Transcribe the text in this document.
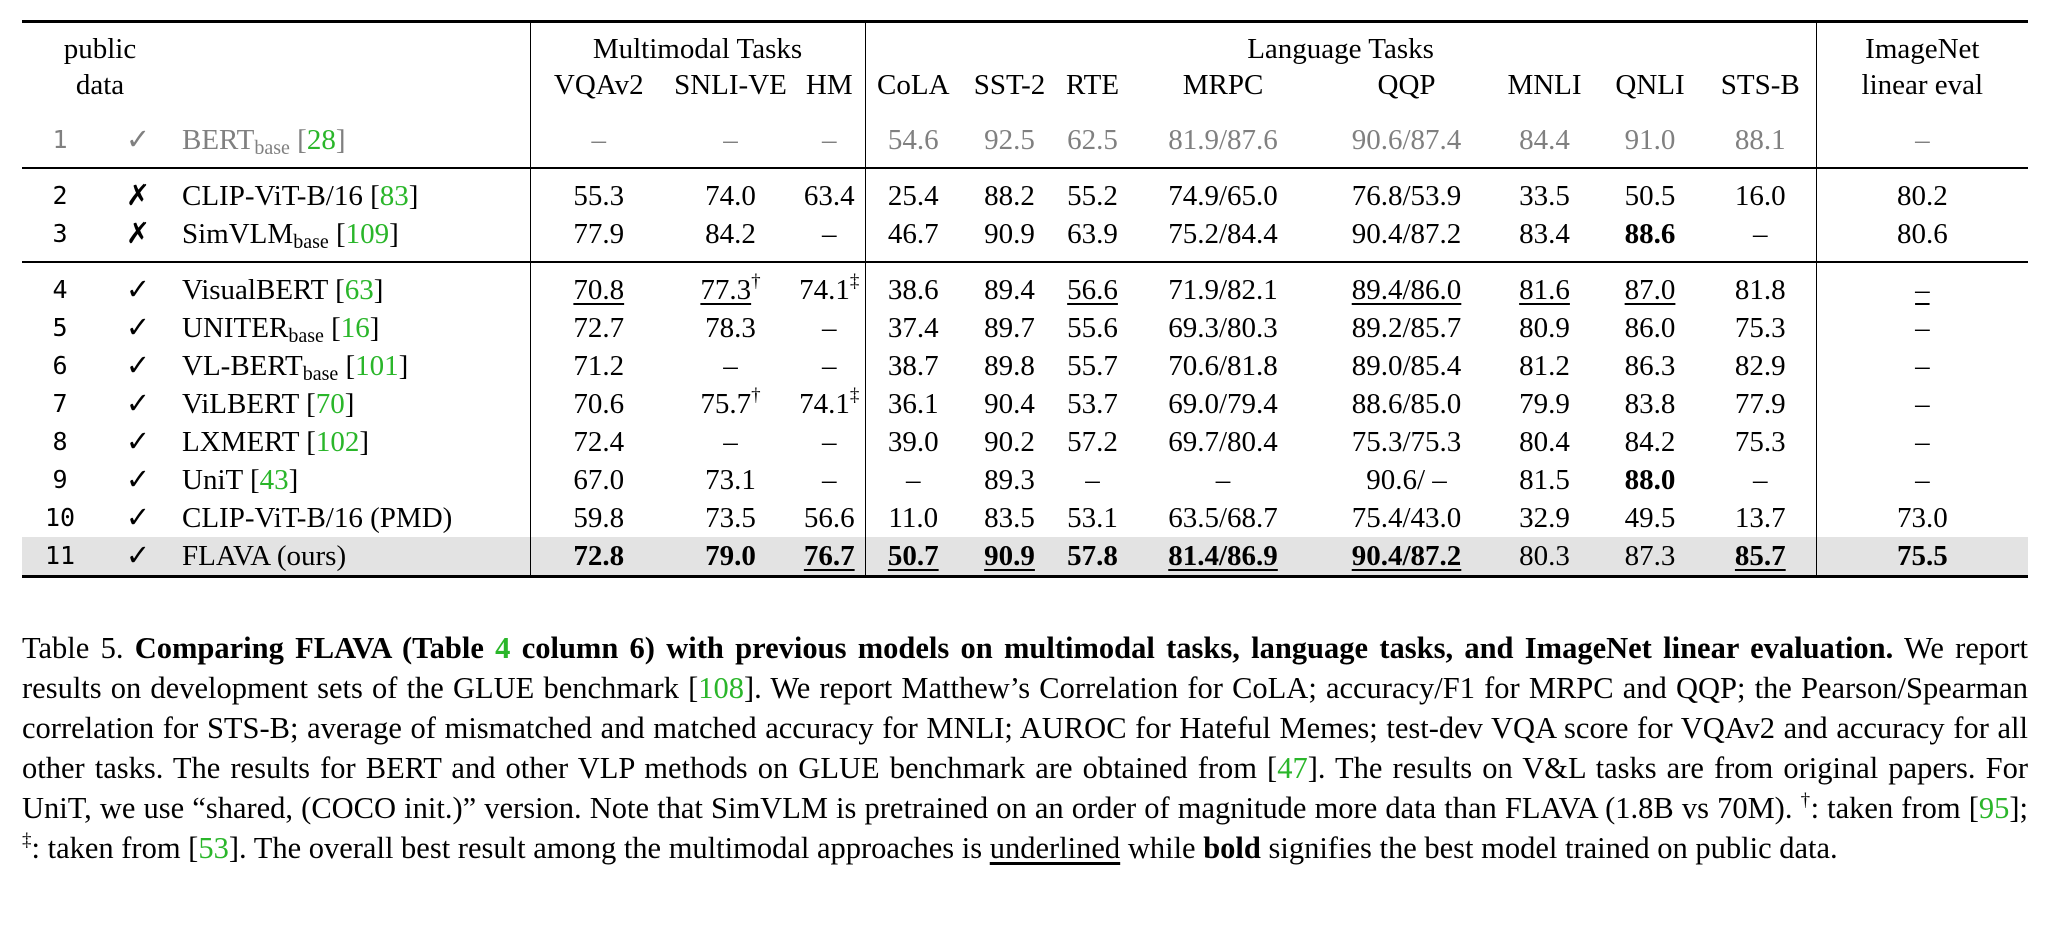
public			Multimodal Tasks			Language Tasks								ImageNet
data			VQAv2	SNLI-VE	HM	CoLA	SST-2	RTE	MRPC	QQP	MNLI	QNLI	STS-B	linear eval
1	✓	$BERT_{base}$ [28]	–	–	–	54.6	92.5	62.5	81.9/87.6	90.6/87.4	84.4	91.0	88.1	–
2	✗	CLIP-ViT-B/16 [83]	55.3	74.0	63.4	25.4	88.2	55.2	74.9/65.0	76.8/53.9	33.5	50.5	16.0	80.2
3	✗	SimVLM$_{base}$ [109]	77.9	84.2	–	46.7	90.9	63.9	75.2/84.4	90.4/87.2	83.4	88.6	–	80.6
4	✓	VisualBERT [63]	70.8	77.3†	74.1‡	38.6	89.4	56.6	71.9/82.1	89.4/86.0	81.6	87.0	81.8	–
5	✓	$UNITER_{base}$ [16]	72.7	78.3	–	37.4	89.7	55.6	69.3/80.3	89.2/85.7	80.9	86.0	75.3	–
6	✓	$VL-BERT_{base}$ [101]	71.2	–	–	38.7	89.8	55.7	70.6/81.8	89.0/85.4	81.2	86.3	82.9	–
7	✓	ViLBERT [70]	70.6	75.7†	74.1‡	36.1	90.4	53.7	69.0/79.4	88.6/85.0	79.9	83.8	77.9	–
8	✓	LXMERT [102]	72.4	–	–	39.0	90.2	57.2	69.7/80.4	75.3/75.3	80.4	84.2	75.3	–
9	✓	UniT [43]	67.0	73.1	–	–	89.3	–	–	90.6/ –	81.5	88.0	–	–
10	✓	CLIP-ViT-B/16 (PMD)	59.8	73.5	56.6	11.0	83.5	53.1	63.5/68.7	75.4/43.0	32.9	49.5	13.7	73.0
11	✓	FLAVA (ours)	72.8	79.0	76.7	50.7	90.9	57.8	81.4/86.9	90.4/87.2	80.3	87.3	85.7	75.5
Table 5. Comparing FLAVA (Table 4 column 6) with previous models on multimodal tasks, language tasks, and ImageNet linear evaluation. We report results on development sets of the GLUE benchmark [108]. We report Matthew’s Correlation for CoLA; accuracy/F1 for MRPC and QQP; the Pearson/Spearman correlation for STS-B; average of mismatched and matched accuracy for MNLI; AUROC for Hateful Memes; test-dev VQA score for VQAv2 and accuracy for all other tasks. The results for BERT and other VLP methods on GLUE benchmark are obtained from [47]. The results on V&L tasks are from original papers. For UniT, we use “shared, (COCO init.)” version. Note that SimVLM is pretrained on an order of magnitude more data than FLAVA (1.8B vs 70M). †: taken from [95]; ‡: taken from [53]. The overall best result among the multimodal approaches is underlined while bold signifies the best model trained on public data.
